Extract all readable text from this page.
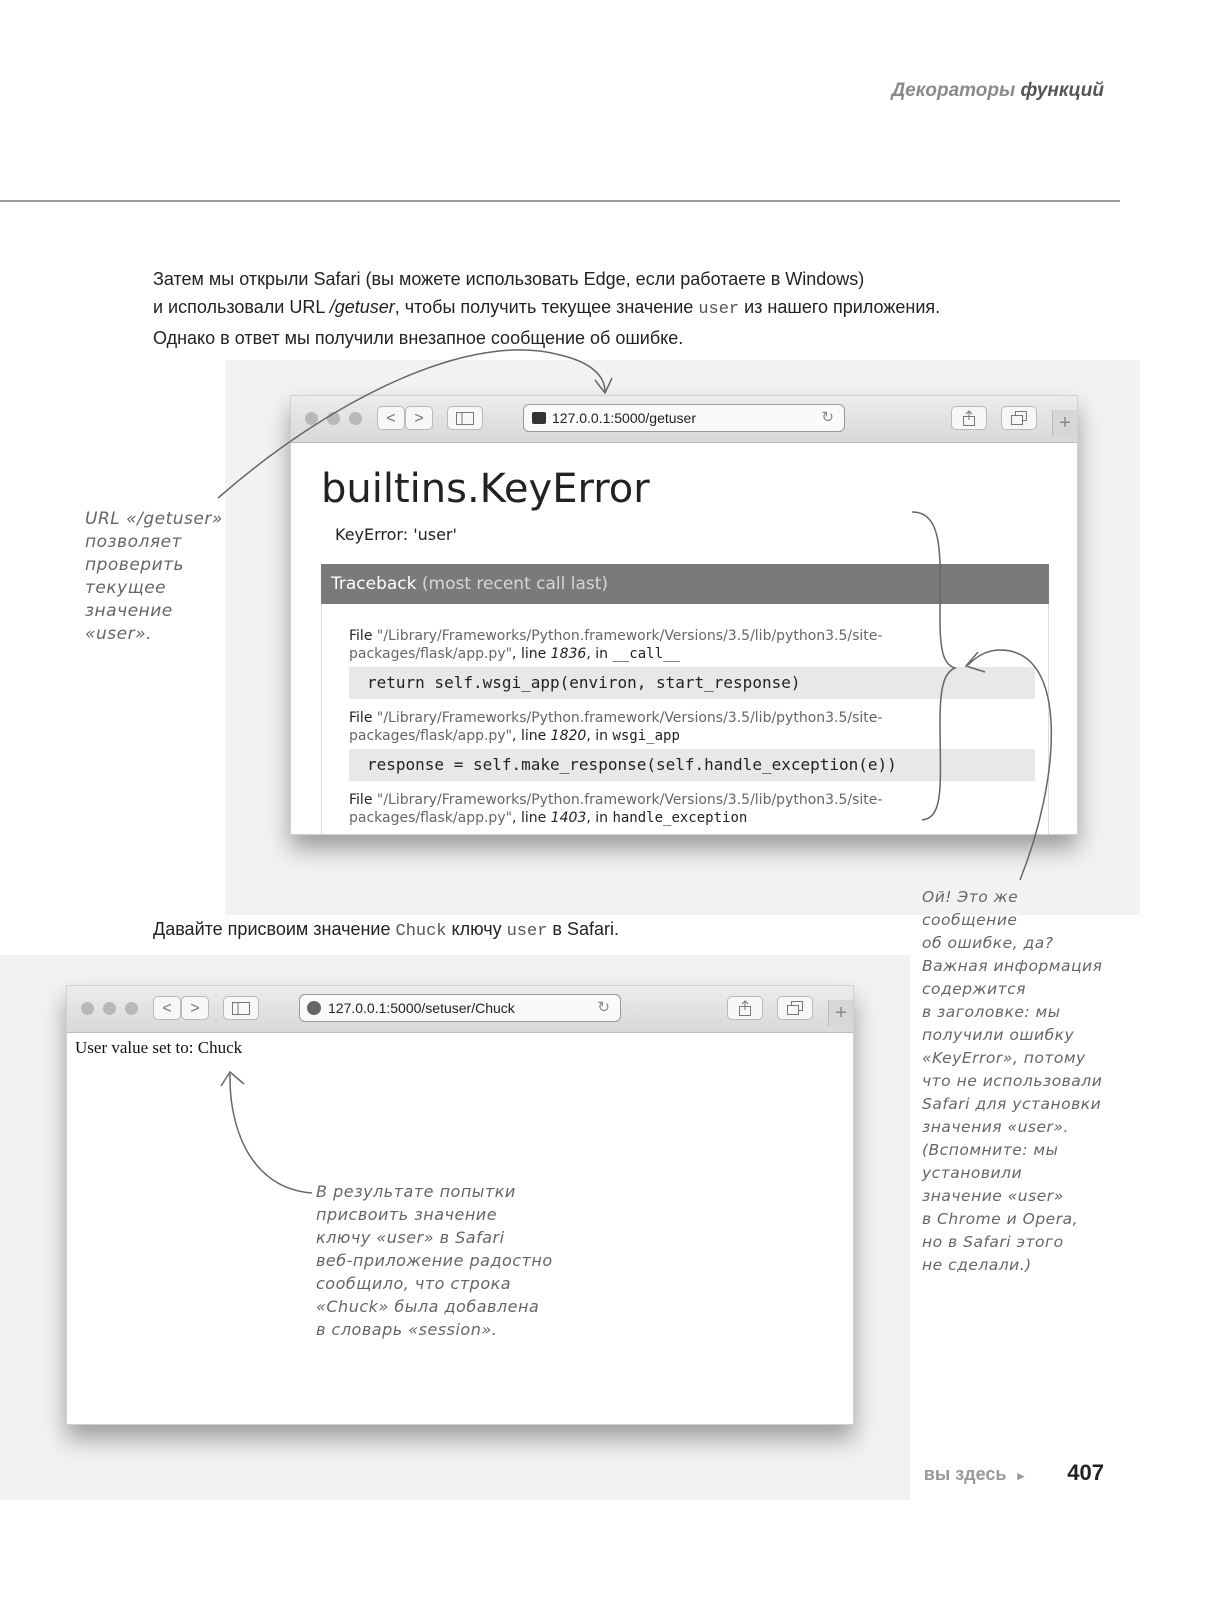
Декораторы функций
Затем мы открыли Safari (вы можете использовать Edge, если работаете в Windows)
и использовали URL /getuser, чтобы получить текущее значение user из нашего приложения.
Однако в ответ мы получили внезапное сообщение об ошибке.
<	>	127.0.0.1:5000/getuser	↻	+
builtins.KeyError
KeyError: 'user'
Traceback (most recent call last)
File "/Library/Frameworks/Python.framework/Versions/3.5/lib/python3.5/site-
packages/flask/app.py", line 1836, in __call__
return self.wsgi_app(environ, start_response)
File "/Library/Frameworks/Python.framework/Versions/3.5/lib/python3.5/site-
packages/flask/app.py", line 1820, in wsgi_app
response = self.make_response(self.handle_exception(e))
File "/Library/Frameworks/Python.framework/Versions/3.5/lib/python3.5/site-
packages/flask/app.py", line 1403, in handle_exception
URL «/getuser»
позволяет
проверить
текущее
значение
«user».
Ой! Это же
сообщение
об ошибке, да?
Важная информация
содержится
в заголовке: мы
получили ошибку
«KeyError», потому
что не использовали
Safari для установки
значения «user».
(Вспомните: мы
установили
значение «user»
в Chrome и Opera,
но в Safari этого
не сделали.)
Давайте присвоим значение Chuck ключу user в Safari.
<	>	127.0.0.1:5000/setuser/Chuck	↻	+
User value set to: Chuck
В результате попытки
присвоить значение
ключу «user» в Safari
веб-приложение радостно
сообщило, что строка
«Chuck» была добавлена
в словарь «session».
вы здесь ▸ 407
